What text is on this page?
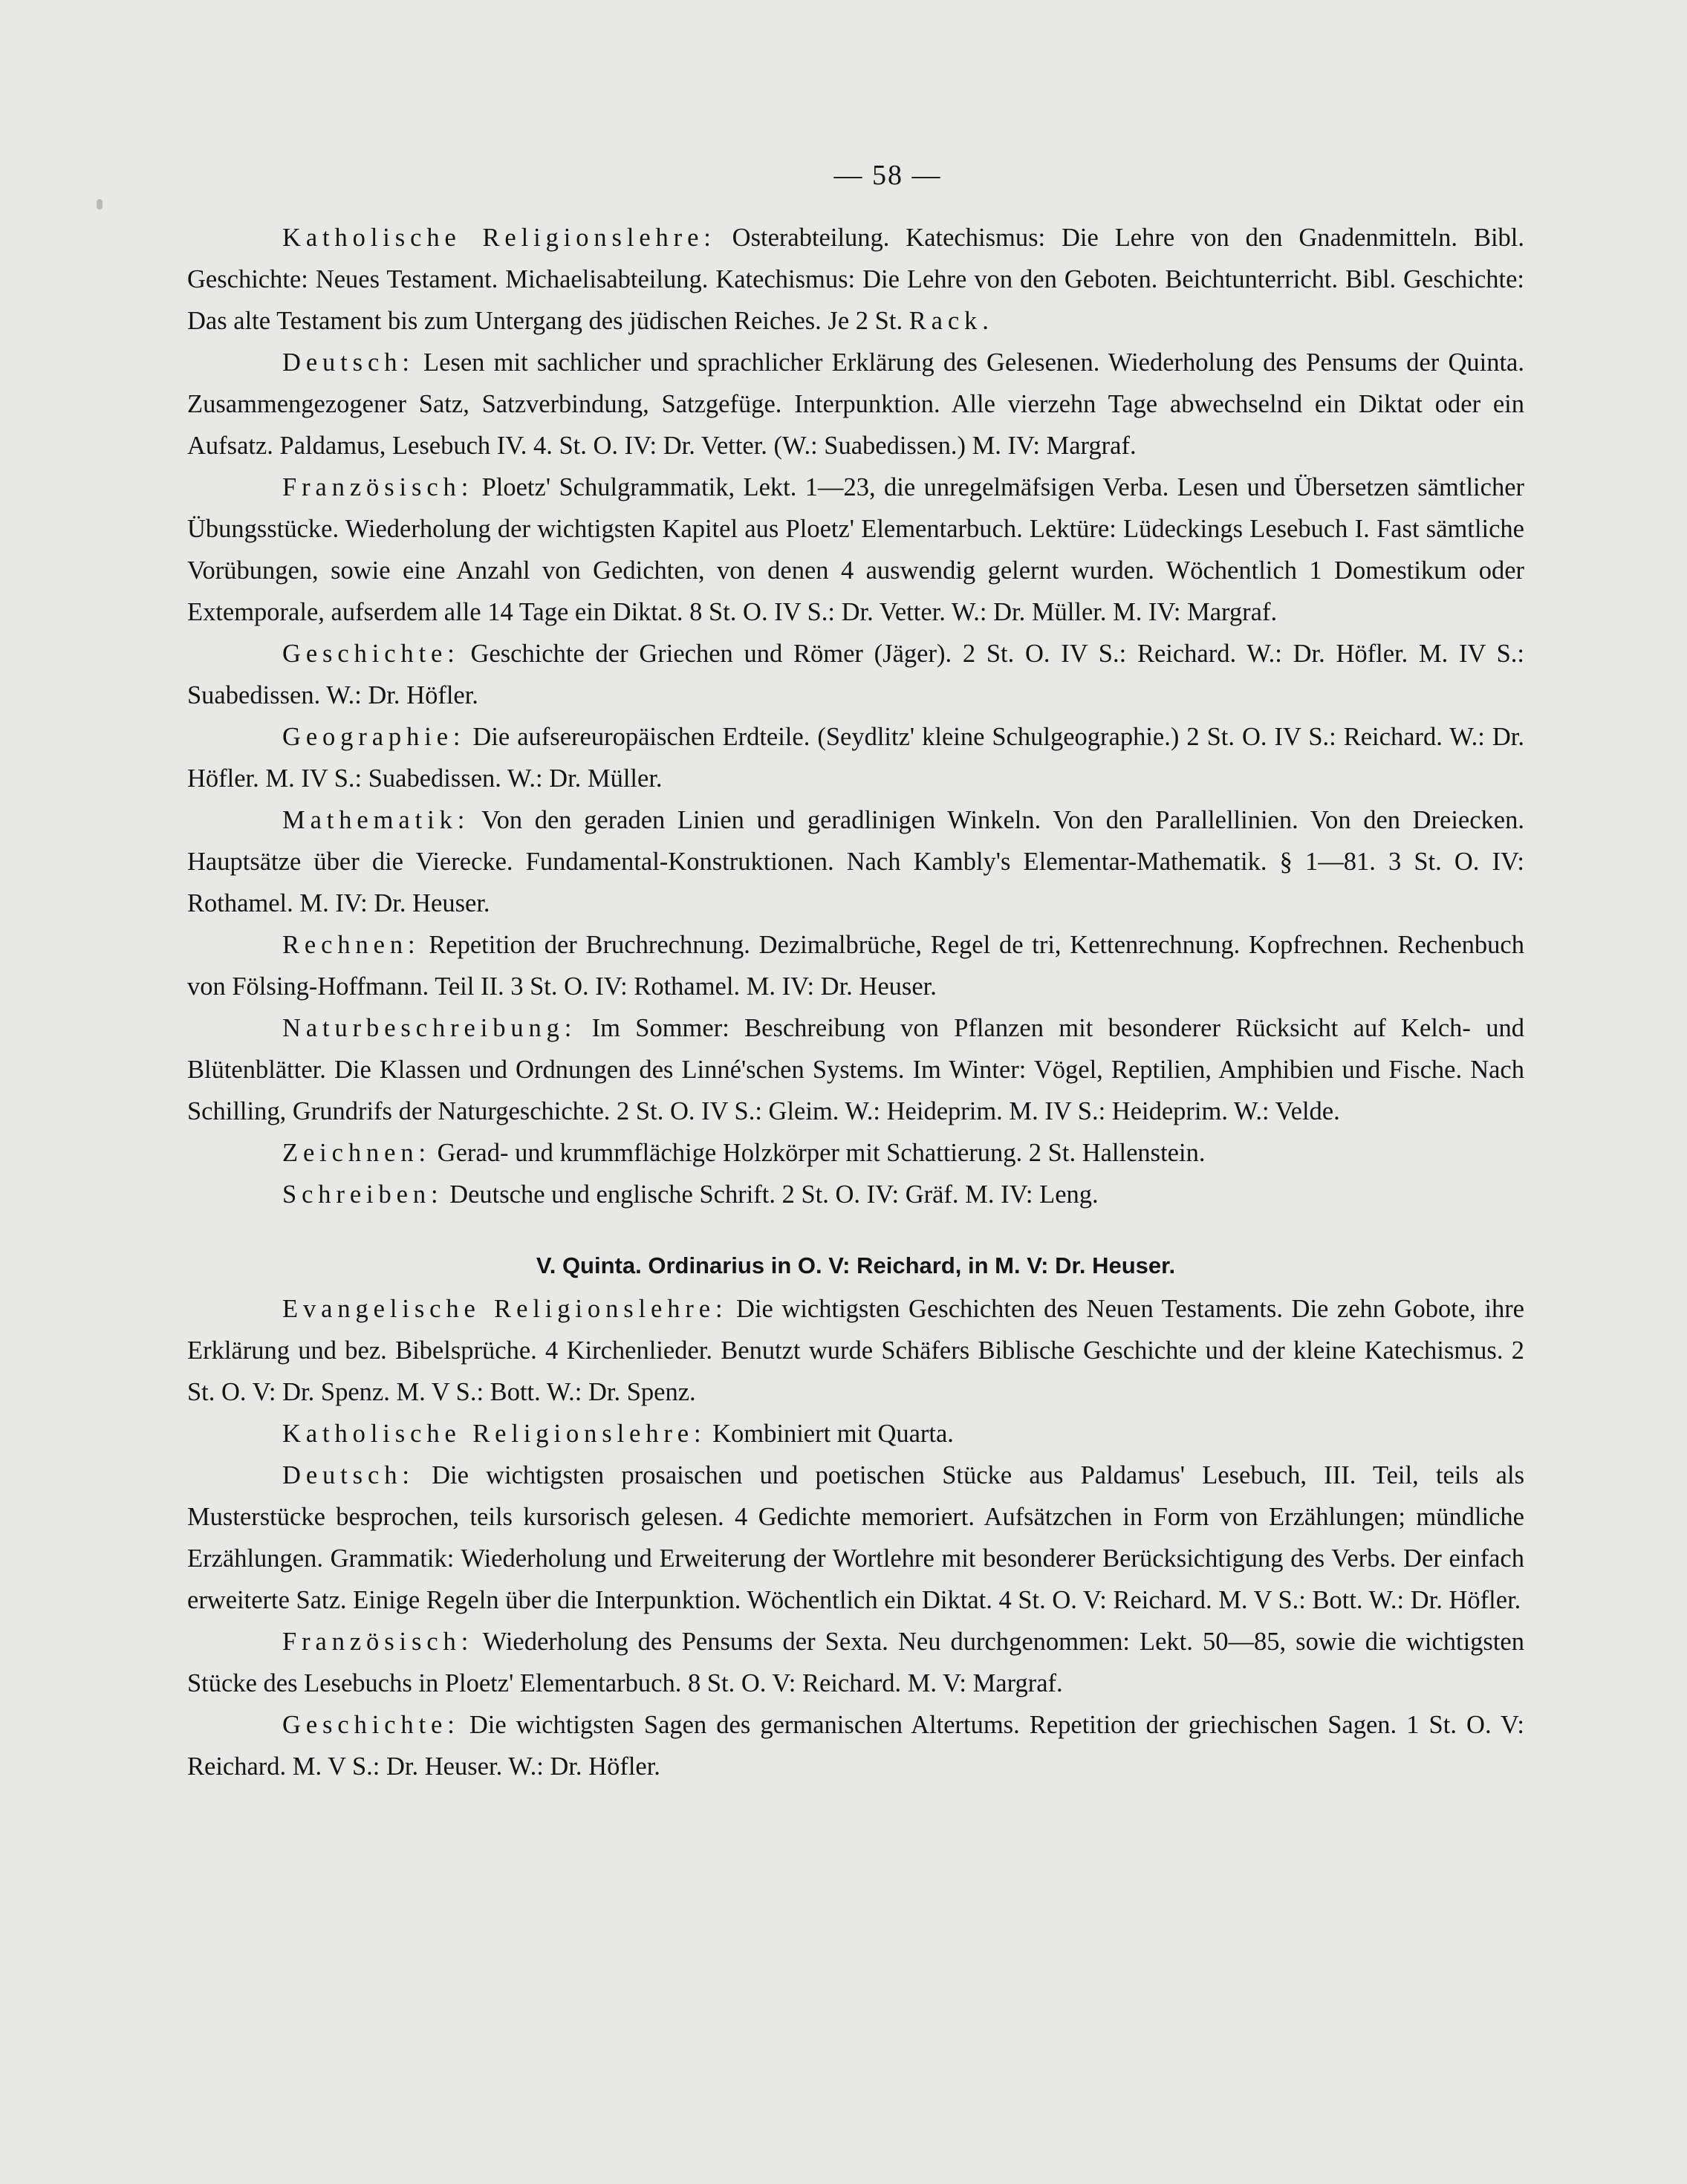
— 58 —

Katholische Religionslehre: Osterabteilung. Katechismus: Die Lehre von den Gnadenmitteln. Bibl. Geschichte: Neues Testament. Michaelisabteilung. Katechismus: Die Lehre von den Geboten. Beichtunterricht. Bibl. Geschichte: Das alte Testament bis zum Untergang des jüdischen Reiches. Je 2 St. Rack.

Deutsch: Lesen mit sachlicher und sprachlicher Erklärung des Gelesenen. Wiederholung des Pensums der Quinta. Zusammengezogener Satz, Satzverbindung, Satzgefüge. Interpunktion. Alle vierzehn Tage abwechselnd ein Diktat oder ein Aufsatz. Paldamus, Lesebuch IV. 4. St. O. IV: Dr. Vetter. (W.: Suabedissen.) M. IV: Margraf.

Französisch: Ploetz' Schulgrammatik, Lekt. 1—23, die unregelmäfsigen Verba. Lesen und Übersetzen sämtlicher Übungsstücke. Wiederholung der wichtigsten Kapitel aus Ploetz' Elementarbuch. Lektüre: Lüdeckings Lesebuch I. Fast sämtliche Vorübungen, sowie eine Anzahl von Gedichten, von denen 4 auswendig gelernt wurden. Wöchentlich 1 Domestikum oder Extemporale, aufserdem alle 14 Tage ein Diktat. 8 St. O. IV S.: Dr. Vetter. W.: Dr. Müller. M. IV: Margraf.

Geschichte: Geschichte der Griechen und Römer (Jäger). 2 St. O. IV S.: Reichard. W.: Dr. Höfler. M. IV S.: Suabedissen. W.: Dr. Höfler.

Geographie: Die aufsereuropäischen Erdteile. (Seydlitz' kleine Schulgeographie.) 2 St. O. IV S.: Reichard. W.: Dr. Höfler. M. IV S.: Suabedissen. W.: Dr. Müller.

Mathematik: Von den geraden Linien und geradlinigen Winkeln. Von den Parallellinien. Von den Dreiecken. Hauptsätze über die Vierecke. Fundamental-Konstruktionen. Nach Kambly's Elementar-Mathematik. § 1—81. 3 St. O. IV: Rothamel. M. IV: Dr. Heuser.

Rechnen: Repetition der Bruchrechnung. Dezimalbrüche, Regel de tri, Kettenrechnung. Kopfrechnen. Rechenbuch von Fölsing-Hoffmann. Teil II. 3 St. O. IV: Rothamel. M. IV: Dr. Heuser.

Naturbeschreibung: Im Sommer: Beschreibung von Pflanzen mit besonderer Rücksicht auf Kelch- und Blütenblätter. Die Klassen und Ordnungen des Linné'schen Systems. Im Winter: Vögel, Reptilien, Amphibien und Fische. Nach Schilling, Grundrifs der Naturgeschichte. 2 St. O. IV S.: Gleim. W.: Heideprim. M. IV S.: Heideprim. W.: Velde.

Zeichnen: Gerad- und krummflächige Holzkörper mit Schattierung. 2 St. Hallenstein.

Schreiben: Deutsche und englische Schrift. 2 St. O. IV: Gräf. M. IV: Leng.

V. Quinta. Ordinarius in O. V: Reichard, in M. V: Dr. Heuser.

Evangelische Religionslehre: Die wichtigsten Geschichten des Neuen Testaments. Die zehn Gobote, ihre Erklärung und bez. Bibelsprüche. 4 Kirchenlieder. Benutzt wurde Schäfers Biblische Geschichte und der kleine Katechismus. 2 St. O. V: Dr. Spenz. M. V S.: Bott. W.: Dr. Spenz.

Katholische Religionslehre: Kombiniert mit Quarta.

Deutsch: Die wichtigsten prosaischen und poetischen Stücke aus Paldamus' Lesebuch, III. Teil, teils als Musterstücke besprochen, teils kursorisch gelesen. 4 Gedichte memoriert. Aufsätzchen in Form von Erzählungen; mündliche Erzählungen. Grammatik: Wiederholung und Erweiterung der Wortlehre mit besonderer Berücksichtigung des Verbs. Der einfach erweiterte Satz. Einige Regeln über die Interpunktion. Wöchentlich ein Diktat. 4 St. O. V: Reichard. M. V S.: Bott. W.: Dr. Höfler.

Französisch: Wiederholung des Pensums der Sexta. Neu durchgenommen: Lekt. 50—85, sowie die wichtigsten Stücke des Lesebuchs in Ploetz' Elementarbuch. 8 St. O. V: Reichard. M. V: Margraf.

Geschichte: Die wichtigsten Sagen des germanischen Altertums. Repetition der griechischen Sagen. 1 St. O. V: Reichard. M. V S.: Dr. Heuser. W.: Dr. Höfler.
